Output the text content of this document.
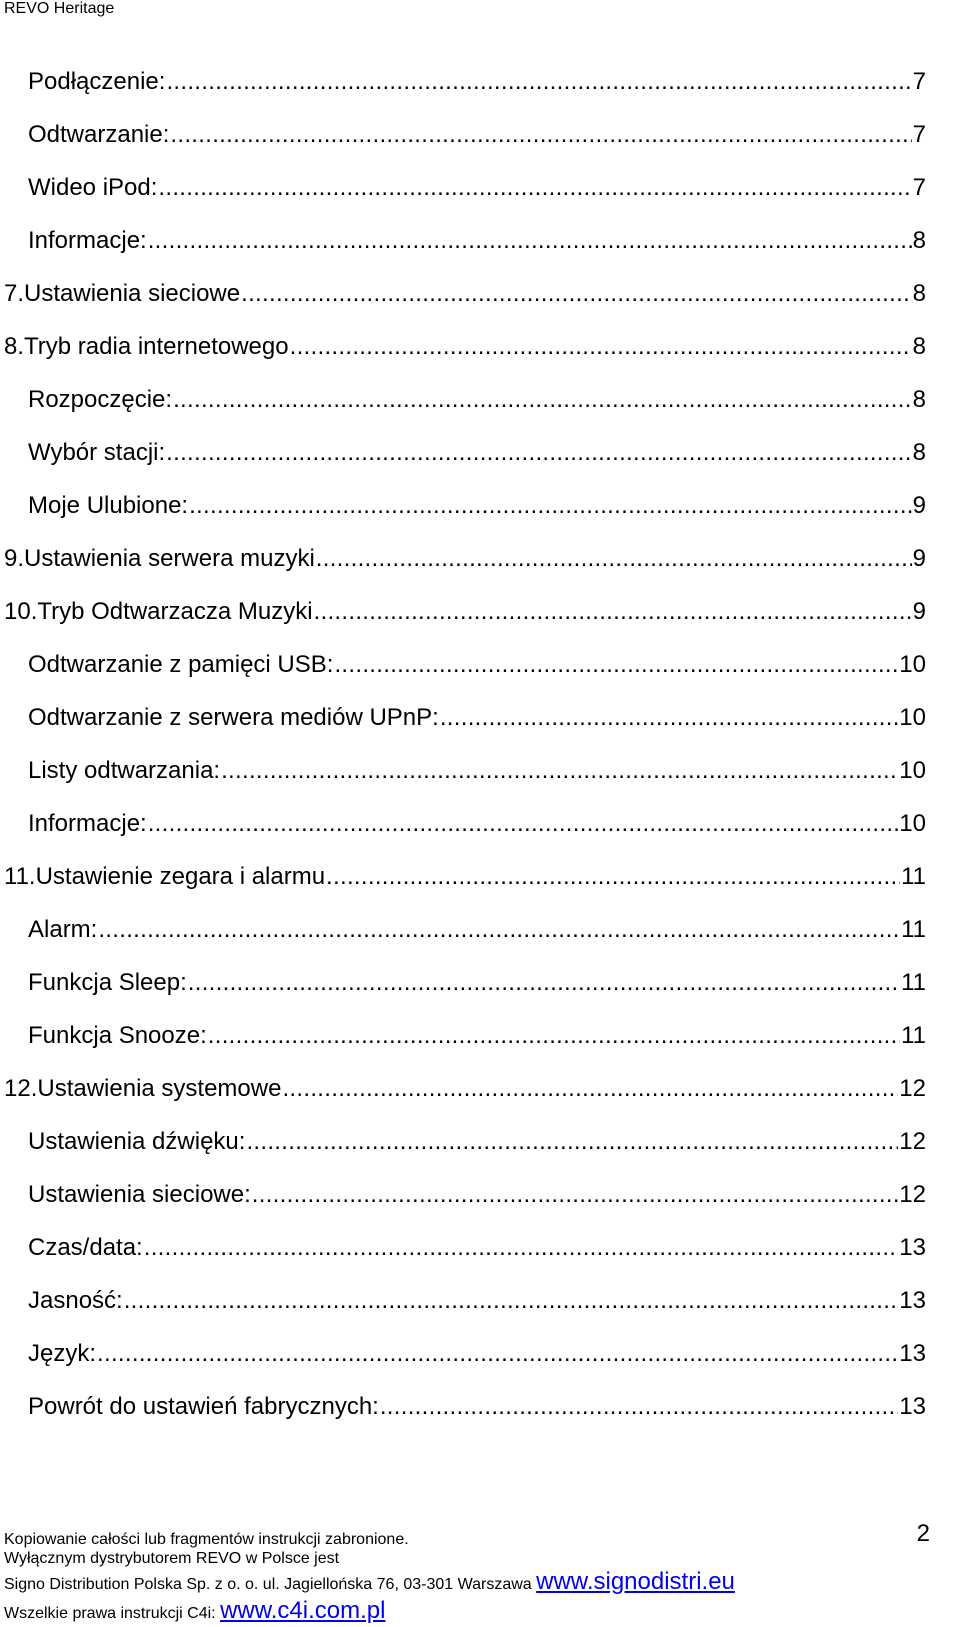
REVO Heritage
Podłączenie: .....	7
Odtwarzanie: .....	7
Wideo iPod: .....	7
Informacje: .....	8
7.Ustawienia sieciowe .....	8
8.Tryb radia internetowego .....	8
Rozpoczęcie: .....	8
Wybór stacji: .....	8
Moje Ulubione: .....	9
9.Ustawienia serwera muzyki .....	9
10.Tryb Odtwarzacza Muzyki .....	9
Odtwarzanie z pamięci USB: .....	10
Odtwarzanie z serwera mediów UPnP: .....	10
Listy odtwarzania: .....	10
Informacje: .....	10
11.Ustawienie zegara i alarmu .....	11
Alarm: .....	11
Funkcja Sleep: .....	11
Funkcja Snooze: .....	11
12.Ustawienia systemowe .....	12
Ustawienia dźwięku: .....	12
Ustawienia sieciowe: .....	12
Czas/data: .....	13
Jasność: .....	13
Język: .....	13
Powrót do ustawień fabrycznych: .....	13
2
Kopiowanie całości lub fragmentów instrukcji zabronione.
Wyłącznym dystrybutorem REVO w Polsce jest
Signo Distribution Polska Sp. z o. o. ul. Jagiellońska 76, 03-301 Warszawa www.signodistri.eu
Wszelkie prawa instrukcji C4i: www.c4i.com.pl
